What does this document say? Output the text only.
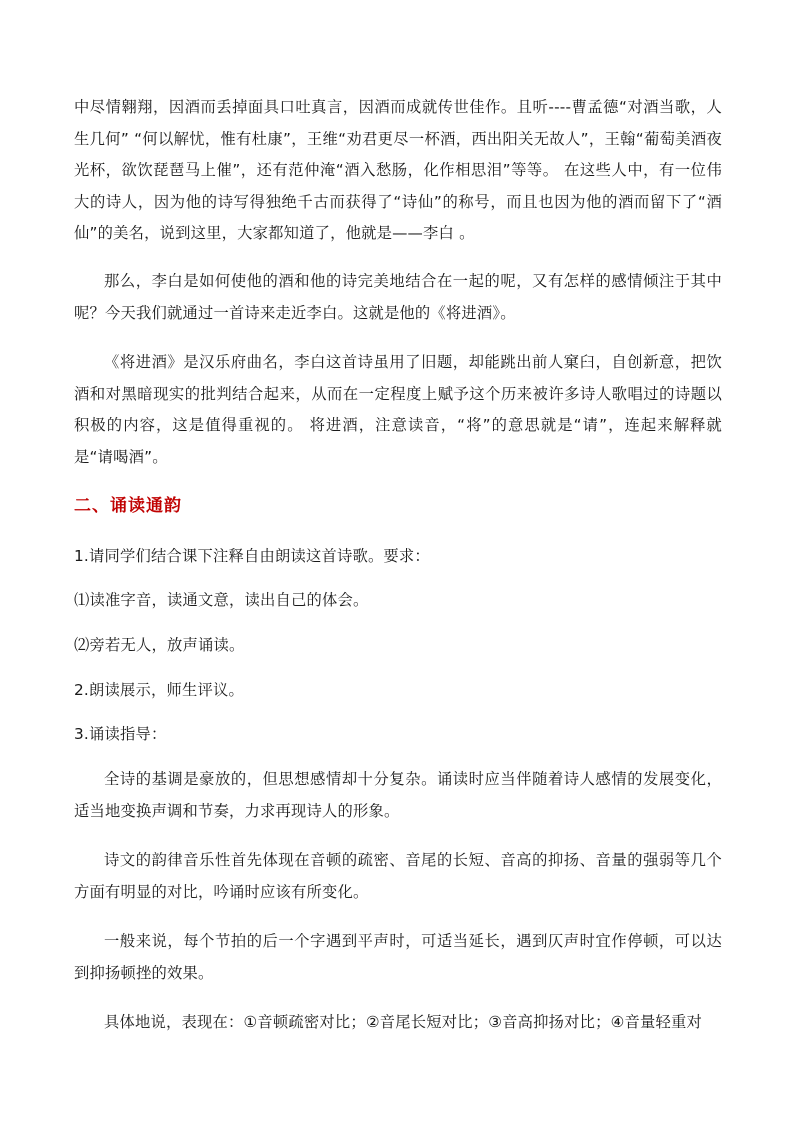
中尽情翱翔，因酒而丢掉面具口吐真言，因酒而成就传世佳作。且听----曹孟德“对酒当歌，人生几何” “何以解忧，惟有杜康”，王维“劝君更尽一杯酒，西出阳关无故人”，王翰“葡萄美酒夜光杯，欲饮琵琶马上催”，还有范仲淹“酒入愁肠，化作相思泪”等等。 在这些人中，有一位伟大的诗人，因为他的诗写得独绝千古而获得了“诗仙”的称号，而且也因为他的酒而留下了“酒仙”的美名，说到这里，大家都知道了，他就是——李白 。

那么，李白是如何使他的酒和他的诗完美地结合在一起的呢，又有怎样的感情倾注于其中呢？今天我们就通过一首诗来走近李白。这就是他的《将进酒》。

《将进酒》是汉乐府曲名，李白这首诗虽用了旧题，却能跳出前人窠臼，自创新意，把饮酒和对黑暗现实的批判结合起来，从而在一定程度上赋予这个历来被许多诗人歌唱过的诗题以积极的内容，这是值得重视的。 将进酒，注意读音，“将”的意思就是“请”，连起来解释就是“请喝酒”。

二、诵读通韵

1.请同学们结合课下注释自由朗读这首诗歌。要求：

⑴读准字音，读通文意，读出自己的体会。

⑵旁若无人，放声诵读。

2.朗读展示，师生评议。

3.诵读指导：

全诗的基调是豪放的，但思想感情却十分复杂。诵读时应当伴随着诗人感情的发展变化，适当地变换声调和节奏，力求再现诗人的形象。

诗文的韵律音乐性首先体现在音顿的疏密、音尾的长短、音高的抑扬、音量的强弱等几个方面有明显的对比，吟诵时应该有所变化。

一般来说，每个节拍的后一个字遇到平声时，可适当延长，遇到仄声时宜作停顿，可以达到抑扬顿挫的效果。

具体地说，表现在：①音顿疏密对比；②音尾长短对比；③音高抑扬对比；④音量轻重对
